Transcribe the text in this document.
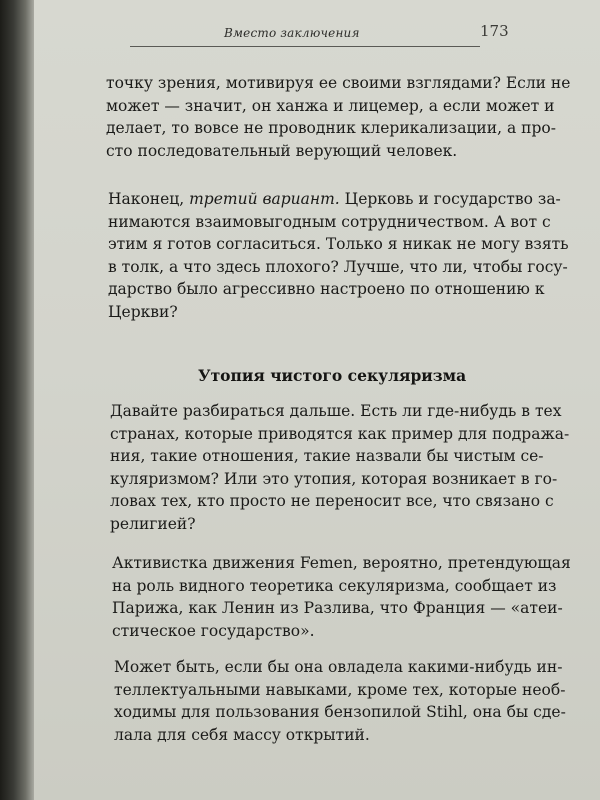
Вместо заключения	173

точку зрения, мотивируя ее своими взглядами? Если не
может — значит, он ханжа и лицемер, а если может и
делает, то вовсе не проводник клерикализации, а про-
сто последовательный верующий человек.

Наконец, третий вариант. Церковь и государство за-
нимаются взаимовыгодным сотрудничеством. А вот с
этим я готов согласиться. Только я никак не могу взять
в толк, а что здесь плохого? Лучше, что ли, чтобы госу-
дарство было агрессивно настроено по отношению к
Церкви?

Утопия чистого секуляризма

Давайте разбираться дальше. Есть ли где-нибудь в тех
странах, которые приводятся как пример для подража-
ния, такие отношения, такие назвали бы чистым се-
куляризмом? Или это утопия, которая возникает в го-
ловах тех, кто просто не переносит все, что связано с
религией?

Активистка движения Femen, вероятно, претендующая
на роль видного теоретика секуляризма, сообщает из
Парижа, как Ленин из Разлива, что Франция — «атеи-
стическое государство».

Может быть, если бы она овладела какими-нибудь ин-
теллектуальными навыками, кроме тех, которые необ-
ходимы для пользования бензопилой Stihl, она бы сде-
лала для себя массу открытий.
